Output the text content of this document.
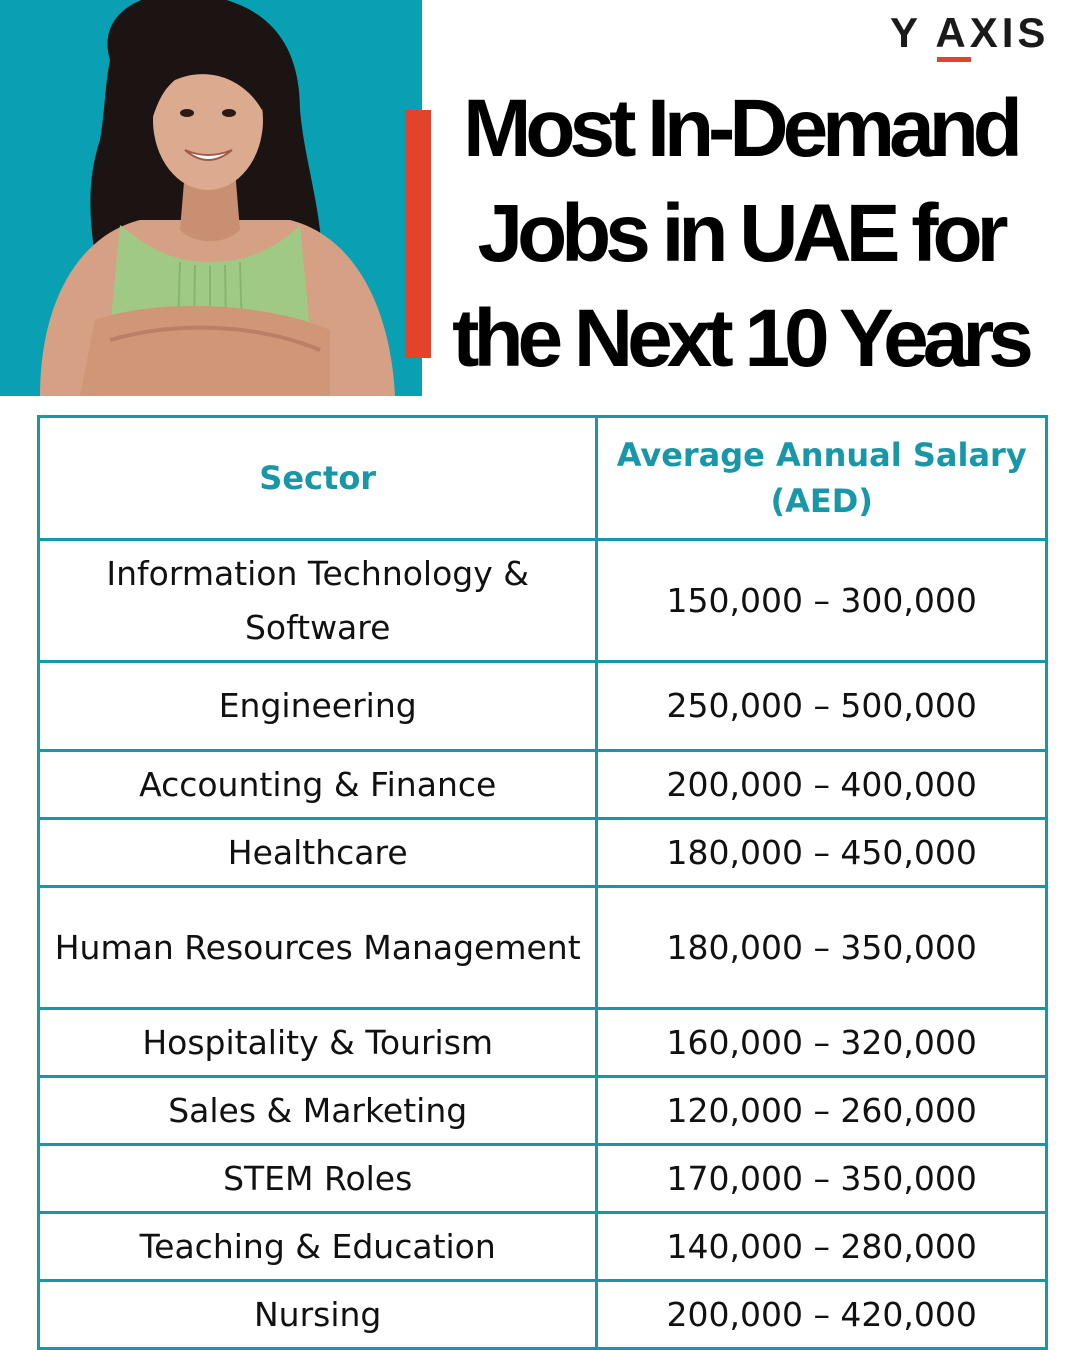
Y AXIS
Most In-Demand
Jobs in UAE for
the Next 10 Years
Sector	Average Annual Salary (AED)
Information Technology & Software	150,000 – 300,000
Engineering	250,000 – 500,000
Accounting & Finance	200,000 – 400,000
Healthcare	180,000 – 450,000
Human Resources Management	180,000 – 350,000
Hospitality & Tourism	160,000 – 320,000
Sales & Marketing	120,000 – 260,000
STEM Roles	170,000 – 350,000
Teaching & Education	140,000 – 280,000
Nursing	200,000 – 420,000
